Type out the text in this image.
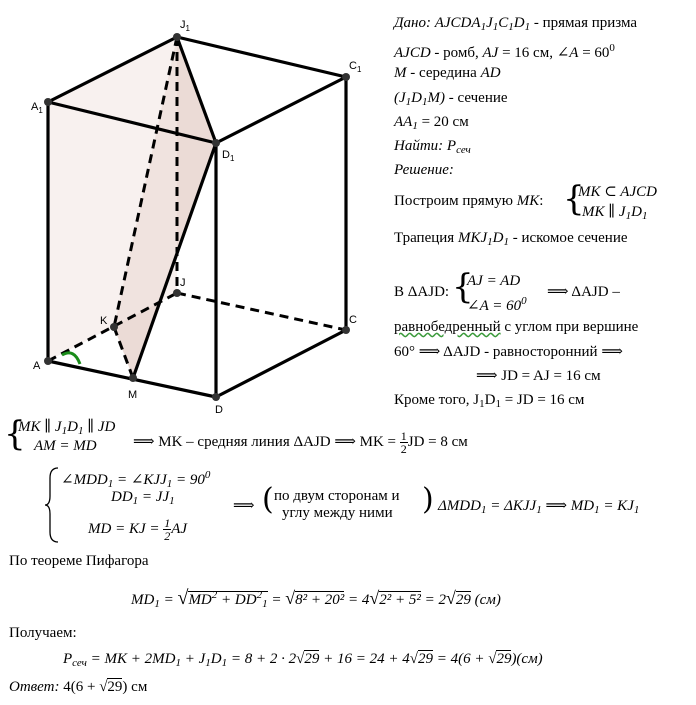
$J_1$
$C_1$
$A_1$
$D_1$
J
K
A
M
D
C
Дано: $AJCDA_1J_1C_1D_1$ - прямая призма
AJCD - ромб, AJ = 16 см, ∠A = $60^0$
M - середина AD
$(J_1D_1M)$ - сечение
$AA_1 = 20$ см
Найти: $P_{сеч}$
Решение:
Построим прямую MK: {
MK ⊂ AJCD
MK ∥ $J_1D_1$
Трапеция $MKJ_1D_1$ - искомое сечение
В ΔAJD: {
AJ = AD
∠A = $60^0$
⟹ ΔAJD –
равнобедренный с углом при вершине
60° ⟹ ΔAJD - равносторонний ⟹
⟹ JD = AJ = 16 см
Кроме того, $J_1D_1$ = JD = 16 см
{
MK ∥ $J_1D_1$ ∥ JD
AM = MD ⟹ MK – средняя линия ΔAJD ⟹ MK = $\frac{1}{2}$ JD = 8 см
$\angle MDD_1$ = $\angle KJJ_1 = 90^0$
$DD_1 = JJ_1$
MD = KJ = $\frac{1}{2}$ AJ
⟹ ( по двум сторонам и
углу между ними ) $\Delta MDD_1 = \Delta KJJ_1$ ⟹ $MD_1 = KJ_1$
По теореме Пифагора
$MD_1 = √MD^2 + DD^2_1 = √8^2 + 20^2 = 4√2^2 + 5^2 = 2√29$ (см)
Получаем:
$P_{сеч}$ = MK + $2MD_1 + J_1D_1 = 8 + 2 \cdot 2√29 + 16 = 24 + 4√29 = 4(6 + √29)(см)$
Ответ: 4(6 + √29) см
